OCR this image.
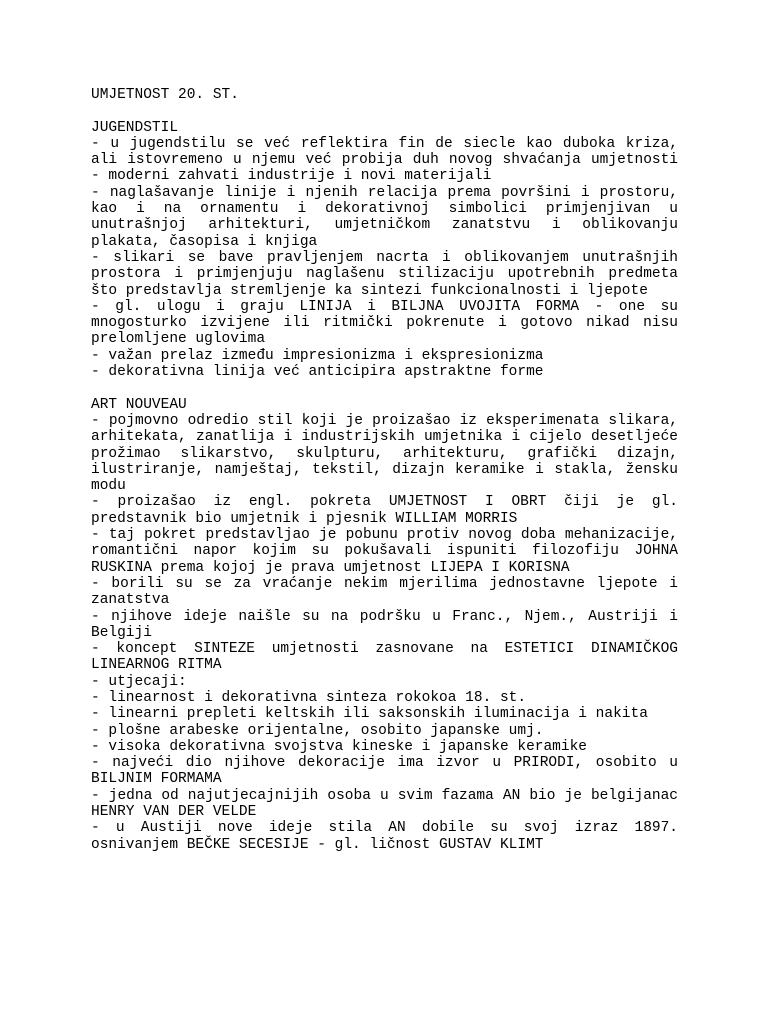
UMJETNOST 20. ST.
JUGENDSTIL
- u jugendstilu se već reflektira fin de siecle kao duboka kriza, ali istovremeno u njemu već probija duh novog shvaćanja umjetnosti - moderni zahvati industrije i novi materijali
- naglašavanje linije i njenih relacija prema površini i prostoru, kao i na ornamentu i dekorativnoj simbolici primjenjivan u unutrašnjoj arhitekturi, umjetničkom zanatstvu i oblikovanju plakata, časopisa i knjiga
- slikari se bave pravljenjem nacrta i oblikovanjem unutrašnjih prostora i primjenjuju naglašenu stilizaciju upotrebnih predmeta što predstavlja stremljenje ka sintezi funkcionalnosti i ljepote
- gl. ulogu i graju LINIJA i BILJNA UVOJITA FORMA - one su mnogosturko izvijene ili ritmički pokrenute i gotovo nikad nisu prelomljene uglovima
- važan prelaz između impresionizma i ekspresionizma
- dekorativna linija već anticipira apstraktne forme
ART NOUVEAU
- pojmovno odredio stil koji je proizašao iz eksperimenata slikara, arhitekata, zanatlija i industrijskih umjetnika i cijelo desetljeće prožimao slikarstvo, skulpturu, arhitekturu, grafički dizajn, ilustriranje, namještaj, tekstil, dizajn keramike i stakla, žensku modu
- proizašao iz engl. pokreta UMJETNOST I OBRT čiji je gl. predstavnik bio umjetnik i pjesnik WILLIAM MORRIS
- taj pokret predstavljao je pobunu protiv novog doba mehanizacije, romantični napor kojim su pokušavali ispuniti filozofiju JOHNA RUSKINA prema kojoj je prava umjetnost LIJEPA I KORISNA
- borili su se za vraćanje nekim mjerilima jednostavne ljepote i zanatstva
- njihove ideje naišle su na podršku u Franc., Njem., Austriji i Belgiji
- koncept SINTEZE umjetnosti zasnovane na ESTETICI DINAMIČKOG LINEARNOG RITMA
- utjecaji:
- linearnost i dekorativna sinteza rokokoa 18. st.
- linearni prepleti keltskih ili saksonskih iluminacija i nakita
- plošne arabeske orijentalne, osobito japanske umj.
- visoka dekorativna svojstva kineske i japanske keramike
- najveći dio njihove dekoracije ima izvor u PRIRODI, osobito u BILJNIM FORMAMA
- jedna od najutjecajnijih osoba u svim fazama AN bio je belgijanac HENRY VAN DER VELDE
- u Austiji nove ideje stila AN dobile su svoj izraz 1897. osnivanjem BEČKE SECESIJE - gl. ličnost GUSTAV KLIMT
